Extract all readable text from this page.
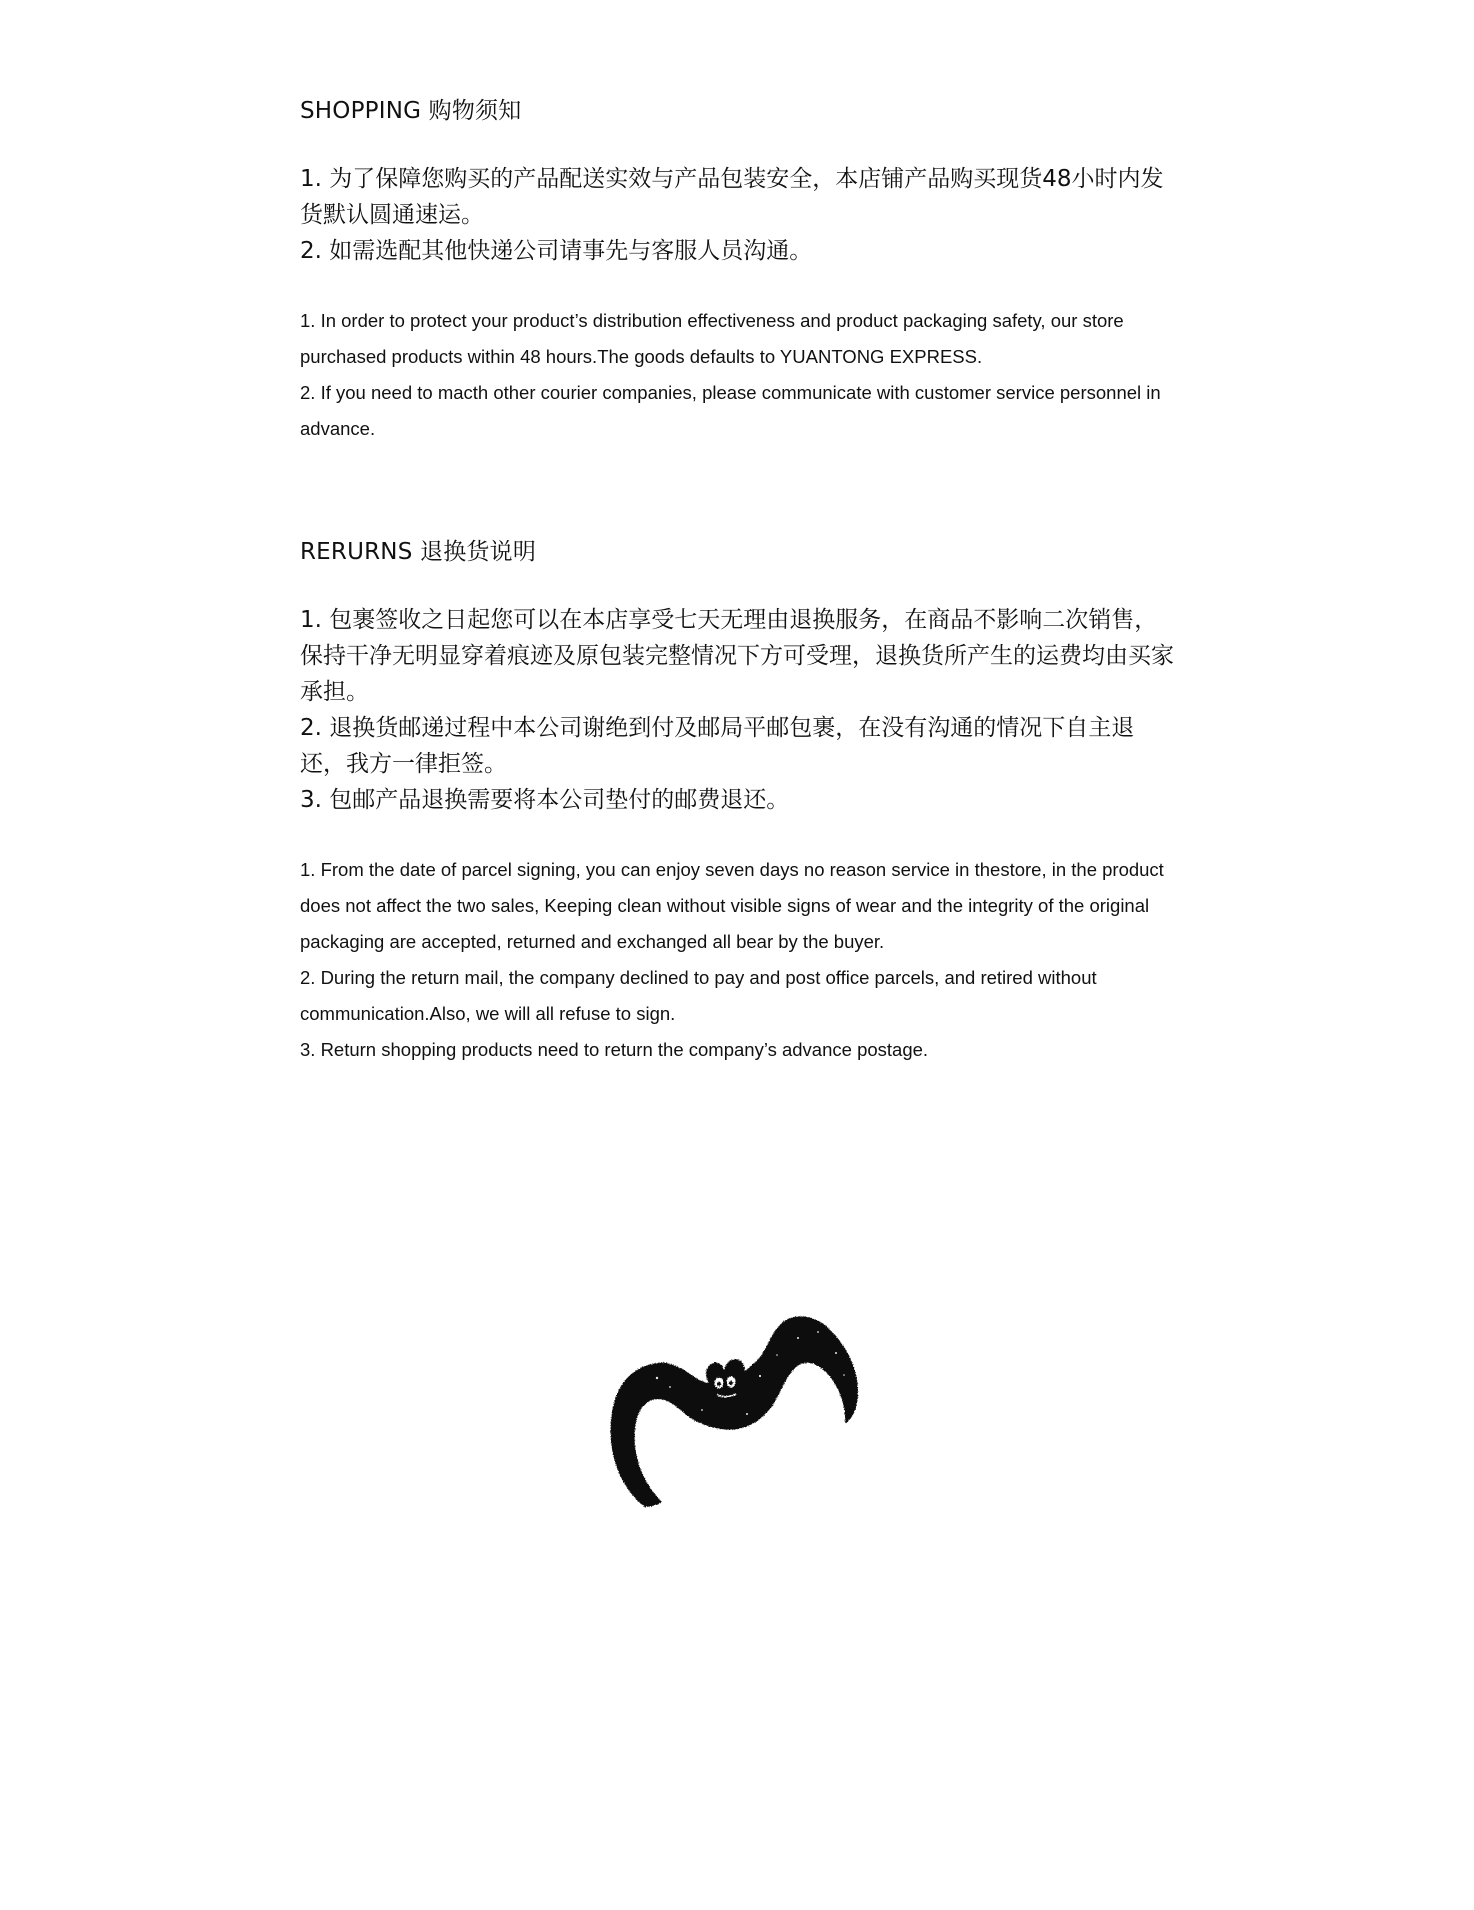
SHOPPING 购物须知

1. 为了保障您购买的产品配送实效与产品包装安全，本店铺产品购买现货48小时内发货默认圆通速运。

2. 如需选配其他快递公司请事先与客服人员沟通。

1. In order to protect your product’s distribution effectiveness and product packaging safety, our store purchased products within 48 hours.The goods defaults to YUANTONG EXPRESS.

2. If you need to macth other courier companies, please communicate with customer service personnel in advance.

RERURNS 退换货说明

1. 包裹签收之日起您可以在本店享受七天无理由退换服务，在商品不影响二次销售，保持干净无明显穿着痕迹及原包装完整情况下方可受理，退换货所产生的运费均由买家承担。

2. 退换货邮递过程中本公司谢绝到付及邮局平邮包裹，在没有沟通的情况下自主退还，我方一律拒签。

3. 包邮产品退换需要将本公司垫付的邮费退还。

1. From the date of parcel signing, you can enjoy seven days no reason service in thestore, in the product does not affect the two sales, Keeping clean without visible signs of wear and the integrity of the original packaging are accepted, returned and exchanged all bear by the buyer.

2. During the return mail, the company declined to pay and post office parcels, and retired without communication.Also, we will all refuse to sign.

3. Return shopping products need to return the company’s advance postage.
